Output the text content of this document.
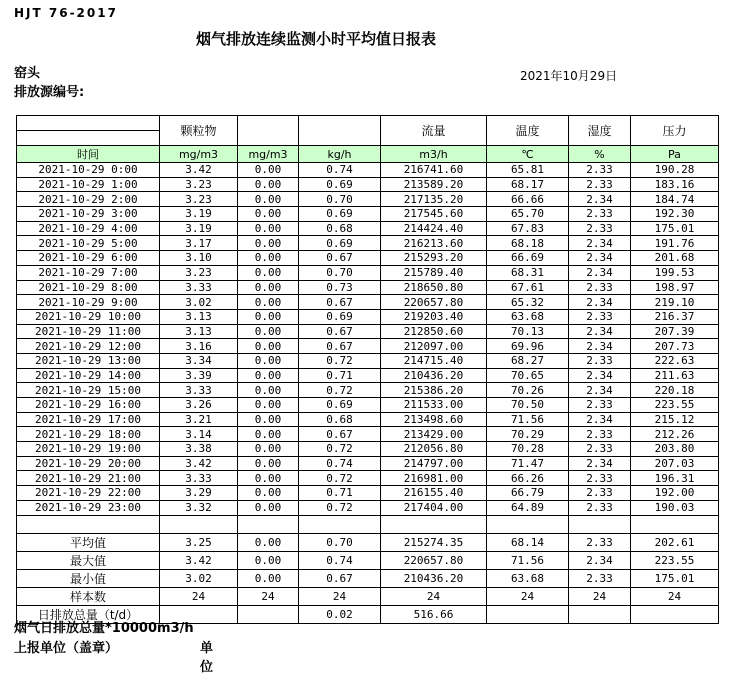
HJT 76-2017
烟气排放连续监测小时平均值日报表
窑头	2021年10月29日
排放源编号:
	颗粒物			流量	温度	湿度	压力

时间	mg/m3	mg/m3	kg/h	m3/h	℃	%	Pa
2021-10-29 0:00	3.42	0.00	0.74	216741.60	65.81	2.33	190.28
2021-10-29 1:00	3.23	0.00	0.69	213589.20	68.17	2.33	183.16
2021-10-29 2:00	3.23	0.00	0.70	217135.20	66.66	2.34	184.74
2021-10-29 3:00	3.19	0.00	0.69	217545.60	65.70	2.33	192.30
2021-10-29 4:00	3.19	0.00	0.68	214424.40	67.83	2.33	175.01
2021-10-29 5:00	3.17	0.00	0.69	216213.60	68.18	2.34	191.76
2021-10-29 6:00	3.10	0.00	0.67	215293.20	66.69	2.34	201.68
2021-10-29 7:00	3.23	0.00	0.70	215789.40	68.31	2.34	199.53
2021-10-29 8:00	3.33	0.00	0.73	218650.80	67.61	2.33	198.97
2021-10-29 9:00	3.02	0.00	0.67	220657.80	65.32	2.34	219.10
2021-10-29 10:00	3.13	0.00	0.69	219203.40	63.68	2.33	216.37
2021-10-29 11:00	3.13	0.00	0.67	212850.60	70.13	2.34	207.39
2021-10-29 12:00	3.16	0.00	0.67	212097.00	69.96	2.34	207.73
2021-10-29 13:00	3.34	0.00	0.72	214715.40	68.27	2.33	222.63
2021-10-29 14:00	3.39	0.00	0.71	210436.20	70.65	2.34	211.63
2021-10-29 15:00	3.33	0.00	0.72	215386.20	70.26	2.34	220.18
2021-10-29 16:00	3.26	0.00	0.69	211533.00	70.50	2.33	223.55
2021-10-29 17:00	3.21	0.00	0.68	213498.60	71.56	2.34	215.12
2021-10-29 18:00	3.14	0.00	0.67	213429.00	70.29	2.33	212.26
2021-10-29 19:00	3.38	0.00	0.72	212056.80	70.28	2.33	203.80
2021-10-29 20:00	3.42	0.00	0.74	214797.00	71.47	2.34	207.03
2021-10-29 21:00	3.33	0.00	0.72	216981.00	66.26	2.33	196.31
2021-10-29 22:00	3.29	0.00	0.71	216155.40	66.79	2.33	192.00
2021-10-29 23:00	3.32	0.00	0.72	217404.00	64.89	2.33	190.03

平均值	3.25	0.00	0.70	215274.35	68.14	2.33	202.61
最大值	3.42	0.00	0.74	220657.80	71.56	2.34	223.55
最小值	3.02	0.00	0.67	210436.20	63.68	2.33	175.01
样本数	24	24	24	24	24	24	24
日排放总量（t/d）			0.02	516.66			
烟气日排放总量*10000m3/h
上报单位（盖章）	单位
